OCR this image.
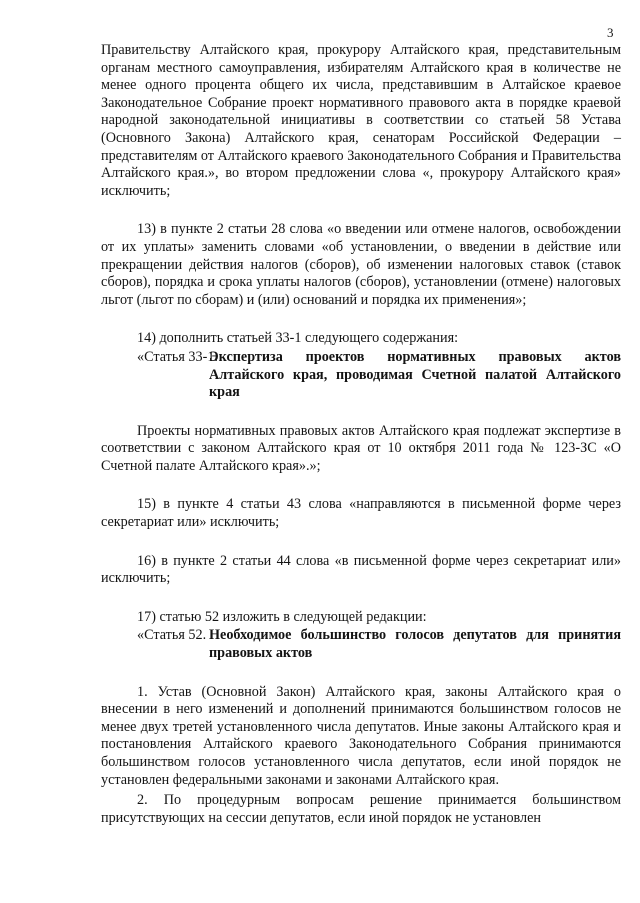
3

Правительству Алтайского края, прокурору Алтайского края, представительным органам местного самоуправления, избирателям Алтайского края в количестве не менее одного процента общего их числа, представившим в Алтайское краевое Законодательное Собрание проект нормативного правового акта в порядке краевой народной законодательной инициативы в соответствии со статьей 58 Устава (Основного Закона) Алтайского края, сенаторам Российской Федерации – представителям от Алтайского краевого Законодательного Собрания и Правительства Алтайского края.», во втором предложении слова «, прокурору Алтайского края» исключить;

13) в пункте 2 статьи 28 слова «о введении или отмене налогов, освобождении от их уплаты» заменить словами «об установлении, о введении в действие или прекращении действия налогов (сборов), об изменении налоговых ставок (ставок сборов), порядка и срока уплаты налогов (сборов), установлении (отмене) налоговых льгот (льгот по сборам) и (или) оснований и порядка их применения»;

14) дополнить статьей 33-1 следующего содержания:

«Статья 33-1.
Экспертиза проектов нормативных правовых актов Алтайского края, проводимая Счетной палатой Алтайского края

Проекты нормативных правовых актов Алтайского края подлежат экспертизе в соответствии с законом Алтайского края от 10 октября 2011 года № 123-ЗС «О Счетной палате Алтайского края».»;

15) в пункте 4 статьи 43 слова «направляются в письменной форме через секретариат или» исключить;

16) в пункте 2 статьи 44 слова «в письменной форме через секретариат или» исключить;

17) статью 52 изложить в следующей редакции:

«Статья 52. Необходимое большинство голосов депутатов для принятия правовых актов

1. Устав (Основной Закон) Алтайского края, законы Алтайского края о внесении в него изменений и дополнений принимаются большинством голосов не менее двух третей установленного числа депутатов. Иные законы Алтайского края и постановления Алтайского краевого Законодательного Собрания принимаются большинством голосов установленного числа депутатов, если иной порядок не установлен федеральными законами и законами Алтайского края.

2. По процедурным вопросам решение принимается большинством присутствующих на сессии депутатов, если иной порядок не установлен
